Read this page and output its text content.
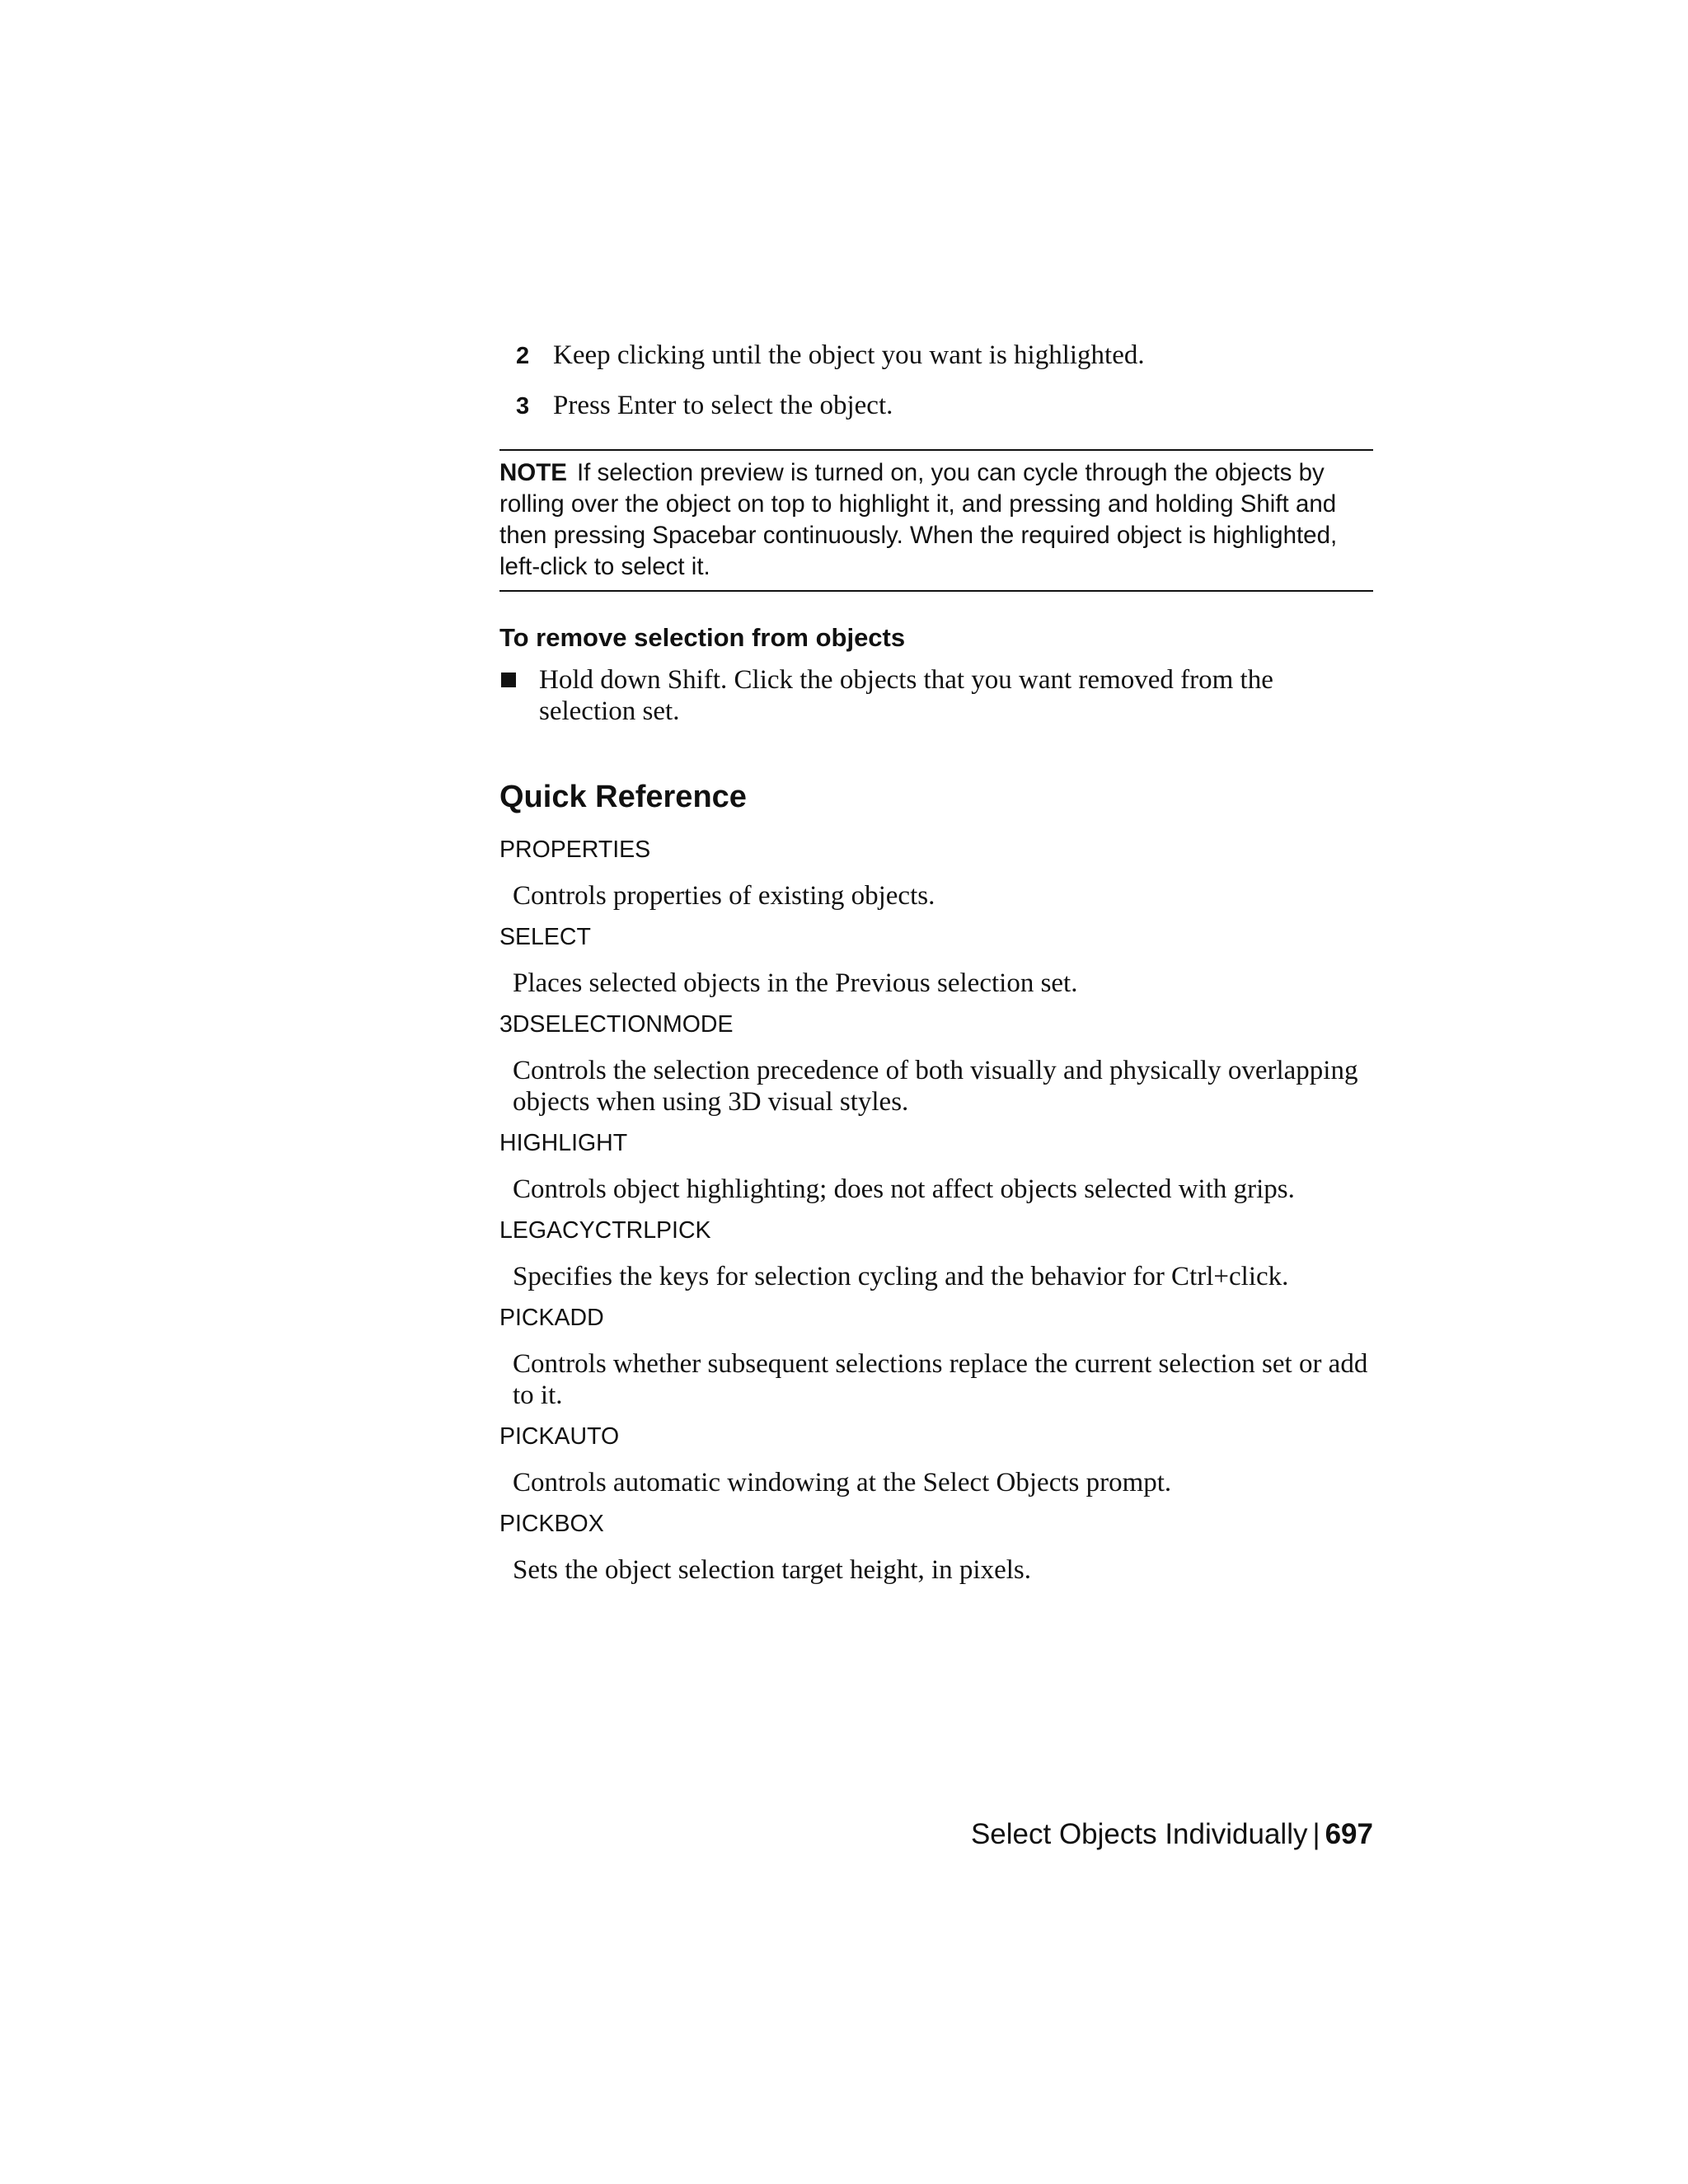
2 Keep clicking until the object you want is highlighted.
3 Press Enter to select the object.
NOTE If selection preview is turned on, you can cycle through the objects by rolling over the object on top to highlight it, and pressing and holding Shift and then pressing Spacebar continuously. When the required object is highlighted, left-click to select it.
To remove selection from objects
Hold down Shift. Click the objects that you want removed from the selection set.
Quick Reference
PROPERTIES
Controls properties of existing objects.
SELECT
Places selected objects in the Previous selection set.
3DSELECTIONMODE
Controls the selection precedence of both visually and physically overlapping objects when using 3D visual styles.
HIGHLIGHT
Controls object highlighting; does not affect objects selected with grips.
LEGACYCTRLPICK
Specifies the keys for selection cycling and the behavior for Ctrl+click.
PICKADD
Controls whether subsequent selections replace the current selection set or add to it.
PICKAUTO
Controls automatic windowing at the Select Objects prompt.
PICKBOX
Sets the object selection target height, in pixels.
Select Objects Individually | 697
